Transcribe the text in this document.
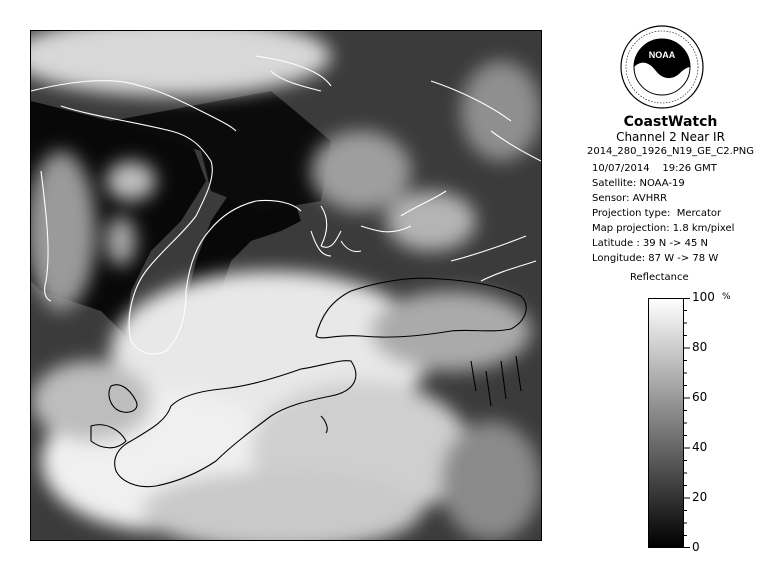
NOAA
CoastWatch
Channel 2 Near IR
2014_280_1926_N19_GE_C2.PNG
10/07/2014    19:26 GMT
Satellite: NOAA-19
Sensor: AVHRR
Projection type:  Mercator
Map projection: 1.8 km/pixel
Latitude : 39 N -> 45 N
Longitude: 87 W -> 78 W
Reflectance
%
100
80
60
40
20
0
